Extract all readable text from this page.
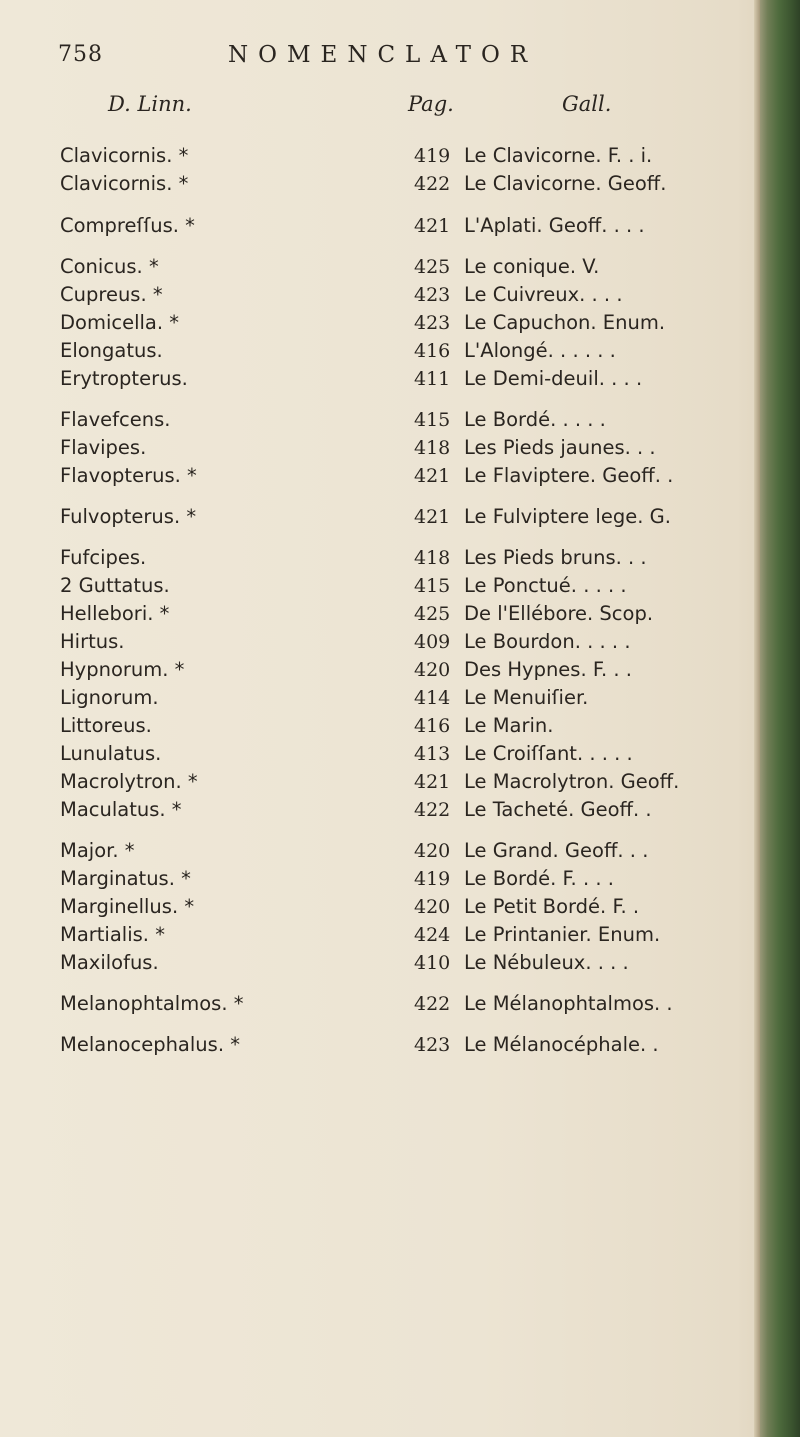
758	NOMENCLATOR
D. Linn.	Pag.	Gall.
Clavicornis. *	419 Le Clavicorne. F. . i.
Clavicornis. *	422 Le Clavicorne. Geoff.
Compreſſus. *	421 L'Aplati. Geoff. . . .
Conicus. *	425 Le conique. V.
Cupreus. *	423 Le Cuivreux. . . .
Domicella. *	423 Le Capuchon. Enum.
Elongatus.	416 L'Alongé. . . . . .
Erytropterus.	411 Le Demi-deuil. . . .
Flavefcens.	415 Le Bordé. . . . .
Flavipes.	418 Les Pieds jaunes. . .
Flavopterus. *	421 Le Flaviptere. Geoff. .
Fulvopterus. *	421 Le Fulviptere lege. G.
Fufcipes.	418 Les Pieds bruns. . .
2 Guttatus.	415 Le Ponctué. . . . .
Hellebori. *	425 De l'Ellébore. Scop.
Hirtus.	409 Le Bourdon. . . . .
Hypnorum. *	420 Des Hypnes. F. . .
Lignorum.	414 Le Menuiſier.
Littoreus.	416 Le Marin.
Lunulatus.	413 Le Croiſſant. . . . .
Macrolytron. *	421 Le Macrolytron. Geoff.
Maculatus. *	422 Le Tacheté. Geoff. .
Major. *	420 Le Grand. Geoff. . .
Marginatus. *	419 Le Bordé. F. . . .
Marginellus. *	420 Le Petit Bordé. F. .
Martialis. *	424 Le Printanier. Enum.
Maxilofus.	410 Le Nébuleux. . . .
Melanophtalmos. *	422 Le Mélanophtalmos. .
Melanocephalus. *	423 Le Mélanocéphale. .
